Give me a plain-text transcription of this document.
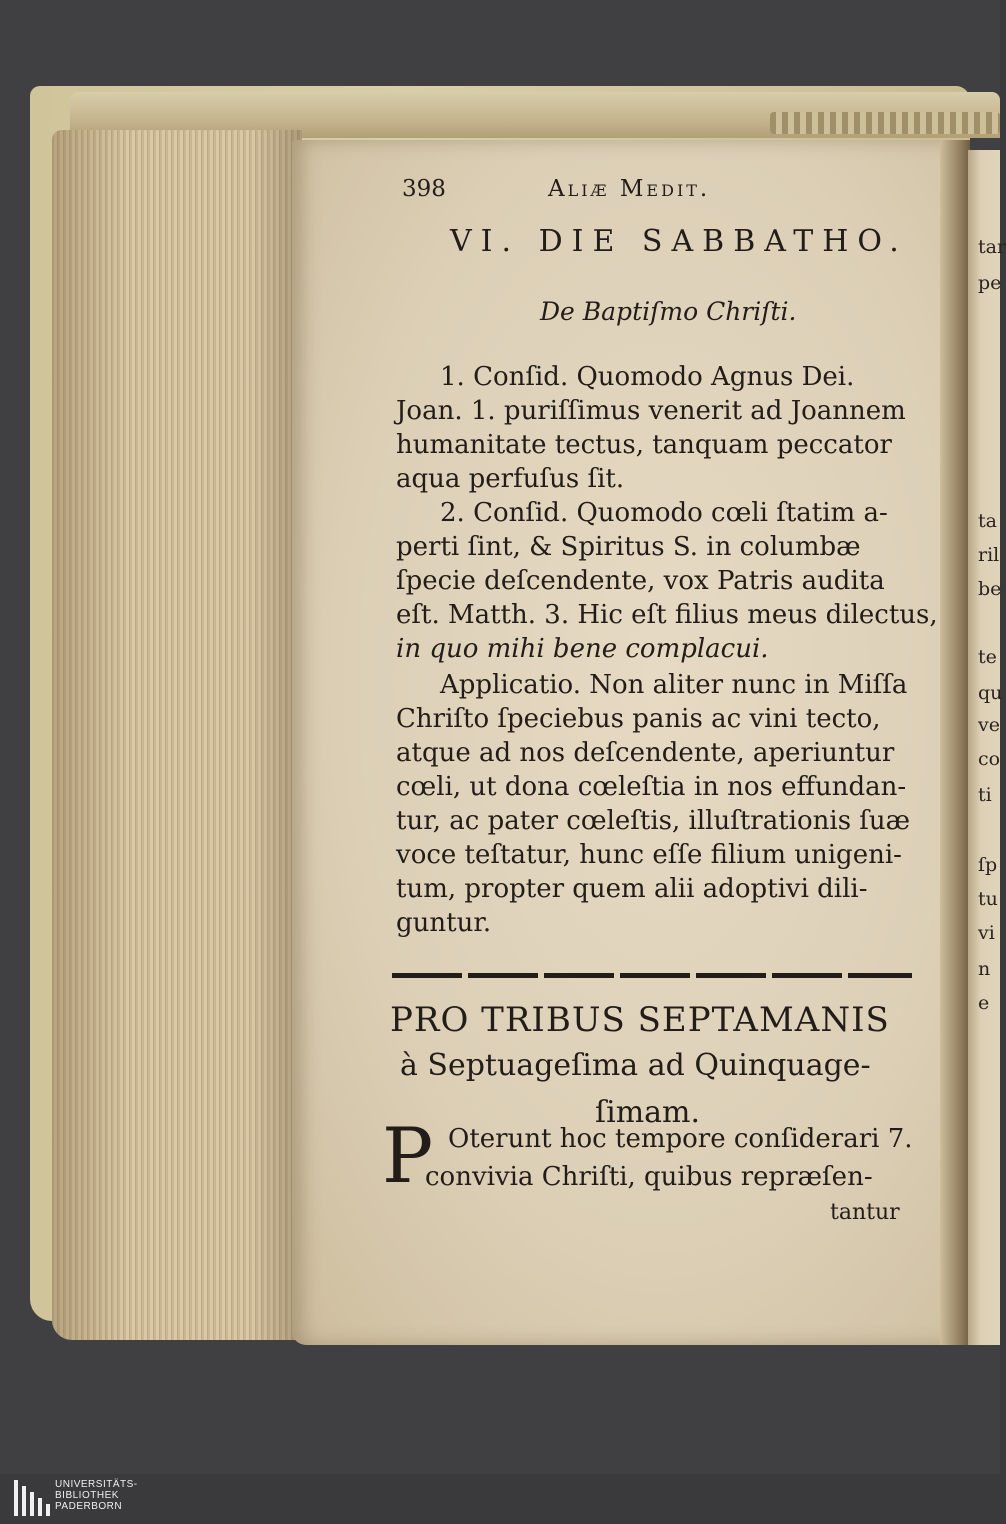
tar
pe
ta
ril
be
te
qu
ve
co
ti
ſp
tu
vi
n
e
398	Aliæ Medit.
VI. DIE SABBATHO.
De Baptiſmo Chriſti.
1. Conſid. Quomodo Agnus Dei.
Joan. 1. puriſſimus venerit ad Joannem
humanitate tectus, tanquam peccator
aqua perfuſus ſit.
2. Conſid. Quomodo cœli ſtatim a-
perti ſint, & Spiritus S. in columbæ
ſpecie deſcendente, vox Patris audita
eſt. Matth. 3. Hic eſt filius meus dilectus,
in quo mihi bene complacui.
Applicatio. Non aliter nunc in Miſſa
Chriſto ſpeciebus panis ac vini tecto,
atque ad nos deſcendente, aperiuntur
cœli, ut dona cœleſtia in nos effundan-
tur, ac pater cœleſtis, illuſtrationis ſuæ
voce teſtatur, hunc eſſe filium unigeni-
tum, propter quem alii adoptivi dili-
guntur.
PRO TRIBUS SEPTAMANIS
à Septuageſima ad Quinquage-
ſimam.
P Oterunt hoc tempore conſiderari 7.
convivia Chriſti, quibus repræſen-
tantur
UNIVERSITÄTS-
BIBLIOTHEK
PADERBORN
